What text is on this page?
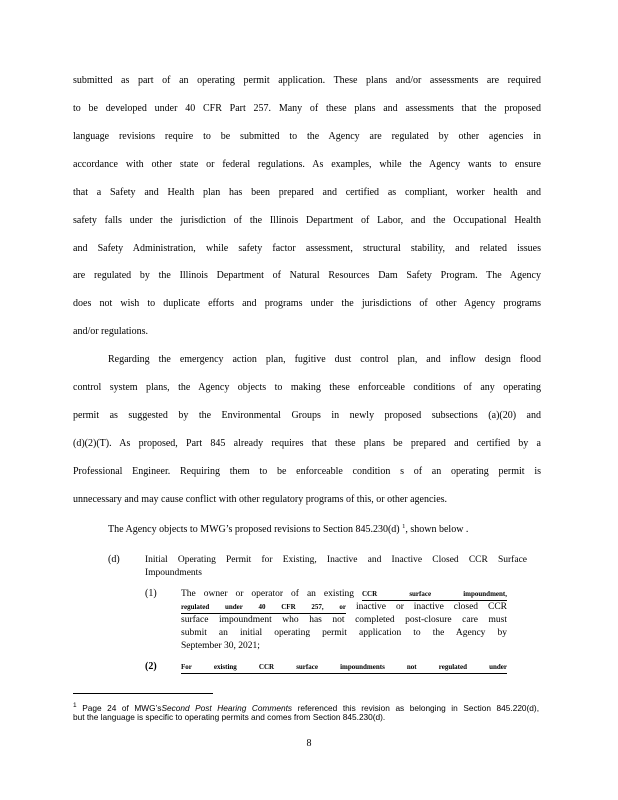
submitted as part of an operating permit application. These plans and/or assessments are required
to be developed under 40 CFR Part 257. Many of these plans and assessments that the proposed
language revisions require to be submitted to the Agency are regulated by other agencies in
accordance with other state or federal regulations. As examples, while the Agency wants to ensure
that a Safety and Health plan has been prepared and certified as compliant, worker health and
safety falls under the jurisdiction of the Illinois Department of Labor, and the Occupational Health
and Safety Administration, while safety factor assessment, structural stability, and related issues
are regulated by the Illinois Department of Natural Resources Dam Safety Program. The Agency
does not wish to duplicate efforts and programs under the jurisdictions of other Agency programs
and/or regulations.
Regarding the emergency action plan, fugitive dust control plan, and inflow design flood
control system plans, the Agency objects to making these enforceable conditions of any operating
permit as suggested by the Environmental Groups in newly proposed subsections (a)(20) and
(d)(2)(T). As proposed, Part 845 already requires that these plans be prepared and certified by a
Professional Engineer. Requiring them to be enforceable condition s of an operating permit is
unnecessary and may cause conflict with other regulatory programs of this, or other agencies.
The Agency objects to MWG’s proposed revisions to Section 845.230(d) $^1$, shown below .
(d)	Initial Operating Permit for Existing, Inactive and Inactive Closed CCR Surface
Impoundments
(1)	The owner or operator of an existing CCR surface impoundment,
regulated under 40 CFR 257, or inactive or inactive closed CCR
surface impoundment who has not completed post-closure care must
submit an initial operating permit application to the Agency by
September 30, 2021;
(2)	For existing CCR surface impoundments not regulated under
$^1$ Page 24 of MWG’sSecond Post Hearing Comments referenced this revision as belonging in Section 845.220(d),
but the language is specific to operating permits and comes from Section 845.230(d).
8
